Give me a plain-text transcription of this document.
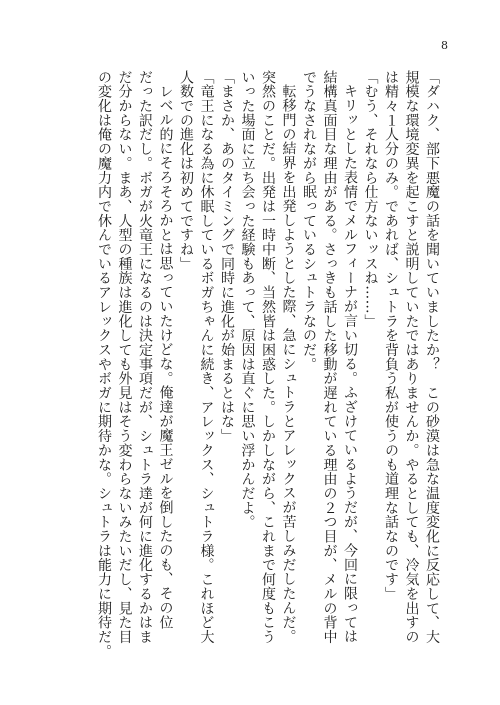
8
「ダハク、部下悪魔の話を聞いていましたか？　この砂漠は急な温度変化に反応して、大
規模な環境変異を起こすと説明していたではありませんか。やるとしても、冷気を出すの
は精々１人分のみ。であれば、シュトラを背負う私が使うのも道理な話なのです」
「むう、それなら仕方ないッスね……」
キリッとした表情でメルフィーナが言い切る。ふざけているようだが、今回に限っては
結構真面目な理由がある。さっきも話した移動が遅れている理由の２つ目が、メルの背中
でうなされながら眠っているシュトラなのだ。
転移門の結界を出発しようとした際、急にシュトラとアレックスが苦しみだしたんだ。
突然のことだ。出発は一時中断、当然皆は困惑した。しかしながら、これまで何度もこう
いった場面に立ち会った経験もあって、原因は直ぐに思い浮かんだよ。
「まさか、あのタイミングで同時に進化が始まるとはな」
「竜王になる為に休眠しているボガちゃんに続き、アレックス、シュトラ様。これほど大
人数での進化は初めてですね」
レベル的にそろそろかとは思っていたけどな。俺達が魔王ゼルを倒したのも、その位
だった訳だし。ボガが火竜王になるのは決定事項だが、シュトラ達が何に進化するかはま
だ分からない。まあ、人型の種族は進化しても外見はそう変わらないみたいだし、見た目
の変化は俺の魔力内で休んでいるアレックスやボガに期待かな。シュトラは能力に期待だ。
